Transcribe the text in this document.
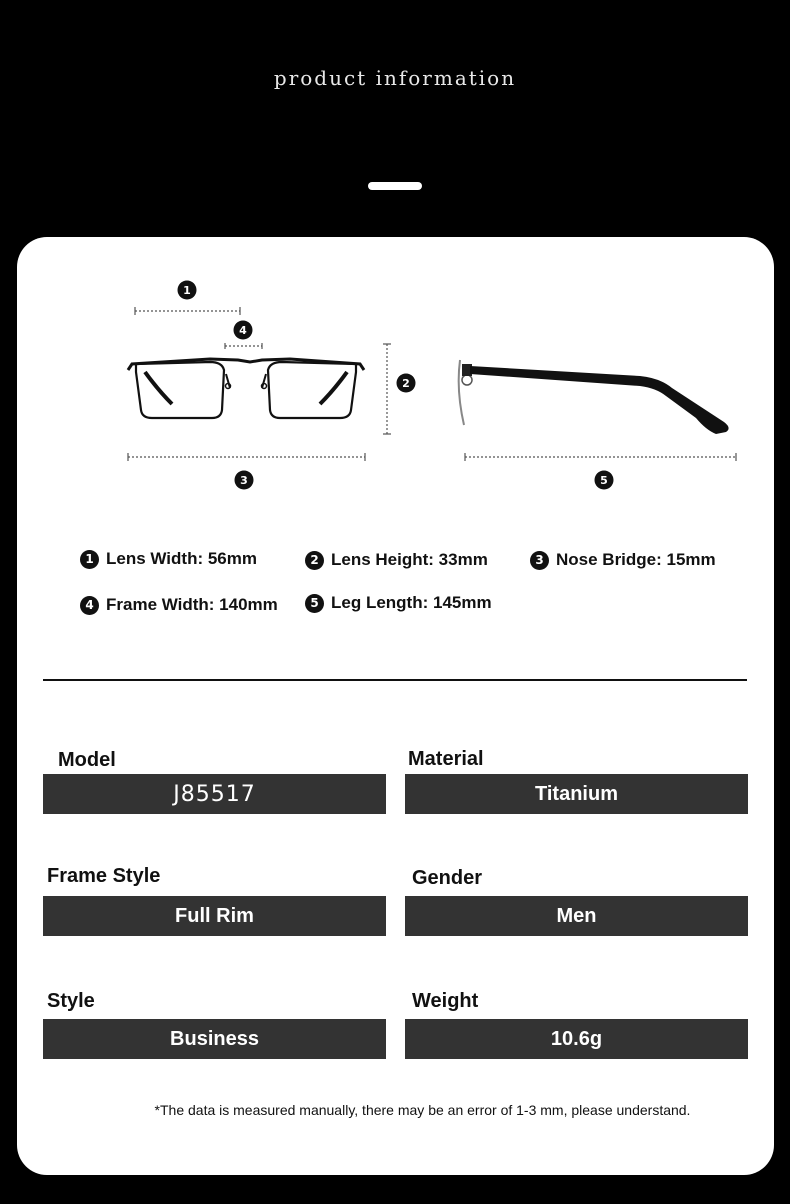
product information
1
4
2
3	5
1 Lens Width: 56mm	2 Lens Height: 33mm	3 Nose Bridge: 15mm
4 Frame Width: 140mm	5 Leg Length: 145mm
Model
J85517
Material
Titanium
Frame Style
Full Rim
Gender
Men
Style
Business
Weight
10.6g
*The data is measured manually, there may be an error of 1-3 mm, please understand.
